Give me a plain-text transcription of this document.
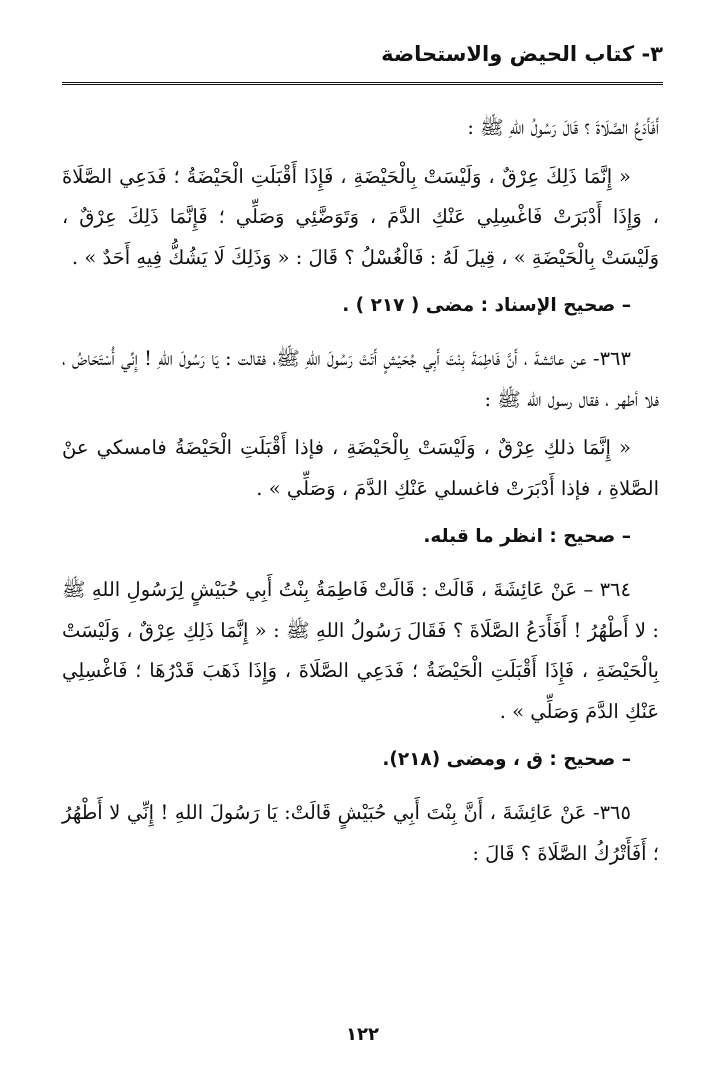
٣- كتاب الحيض والاستحاضة

أَفَأَدَعُ الصَّلَاةَ ؟ قَالَ رَسُولُ اللهِ ﷺ :

« إِنَّمَا ذَلِكَ عِرْقٌ ، وَلَيْسَتْ بِالْحَيْضَةِ ، فَإِذَا أَقْبَلَتِ الْحَيْضَةُ ؛ فَدَعِي الصَّلَاةَ ، وَإِذَا أَدْبَرَتْ فَاغْسِلِي عَنْكِ الدَّمَ ، وَتَوَضَّئِي وَصَلِّي ؛ فَإِنَّمَا ذَلِكَ عِرْقٌ ، وَلَيْسَتْ بِالْحَيْضَةِ » ، قِيلَ لَهُ : فَالْغُسْلُ ؟ قَالَ : « وَذَلِكَ لَا يَشُكُّ فِيهِ أَحَدٌ » .

– صحيح الإسناد : مضى ( ٢١٧ ) .

٣٦٣- عن عائشةَ ، أَنَّ فَاطِمَةَ بِنْتَ أَبِي جُحَيْشٍ أَتَتْ رَسُولَ اللهِ ﷺ، فقالت : يَا رَسُولَ اللهِ ! إِنِّي أُسْتَحَاضُ ، فلا أطهر ، فقال رسول الله ﷺ :

« إِنَّمَا ذلكِ عِرْقٌ ، وَلَيْسَتْ بِالْحَيْضَةِ ، فإذا أَقْبَلَتِ الْحَيْضَةُ فامسكي عنْ الصَّلاةِ ، فإذا أَدْبَرَتْ فاغسلي عَنْكِ الدَّمَ ، وَصَلِّي » .

– صحيح : انظر ما قبله.

٣٦٤ – عَنْ عَائِشَةَ ، قَالَتْ : قَالَتْ فَاطِمَةُ بِنْتُ أَبِي حُبَيْشٍ لِرَسُولِ اللهِ ﷺ : لا أَطْهُرُ ! أَفَأَدَعُ الصَّلَاةَ ؟ فَقَالَ رَسُولُ اللهِ ﷺ : « إِنَّمَا ذَلِكِ عِرْقٌ ، وَلَيْسَتْ بِالْحَيْضَةِ ، فَإِذَا أَقْبَلَتِ الْحَيْضَةُ ؛ فَدَعِي الصَّلَاةَ ، وَإِذَا ذَهَبَ قَدْرُهَا ؛ فَاغْسِلِي عَنْكِ الدَّمَ وَصَلِّي » .

– صحيح : ق ، ومضى (٢١٨).

٣٦٥- عَنْ عَائِشَةَ ، أَنَّ بِنْتَ أَبِي حُبَيْشٍ قَالَتْ: يَا رَسُولَ اللهِ ! إِنِّي لا أَطْهُرُ ؛ أَفَأَتْرُكُ الصَّلَاةَ ؟ قَالَ :

١٢٢
